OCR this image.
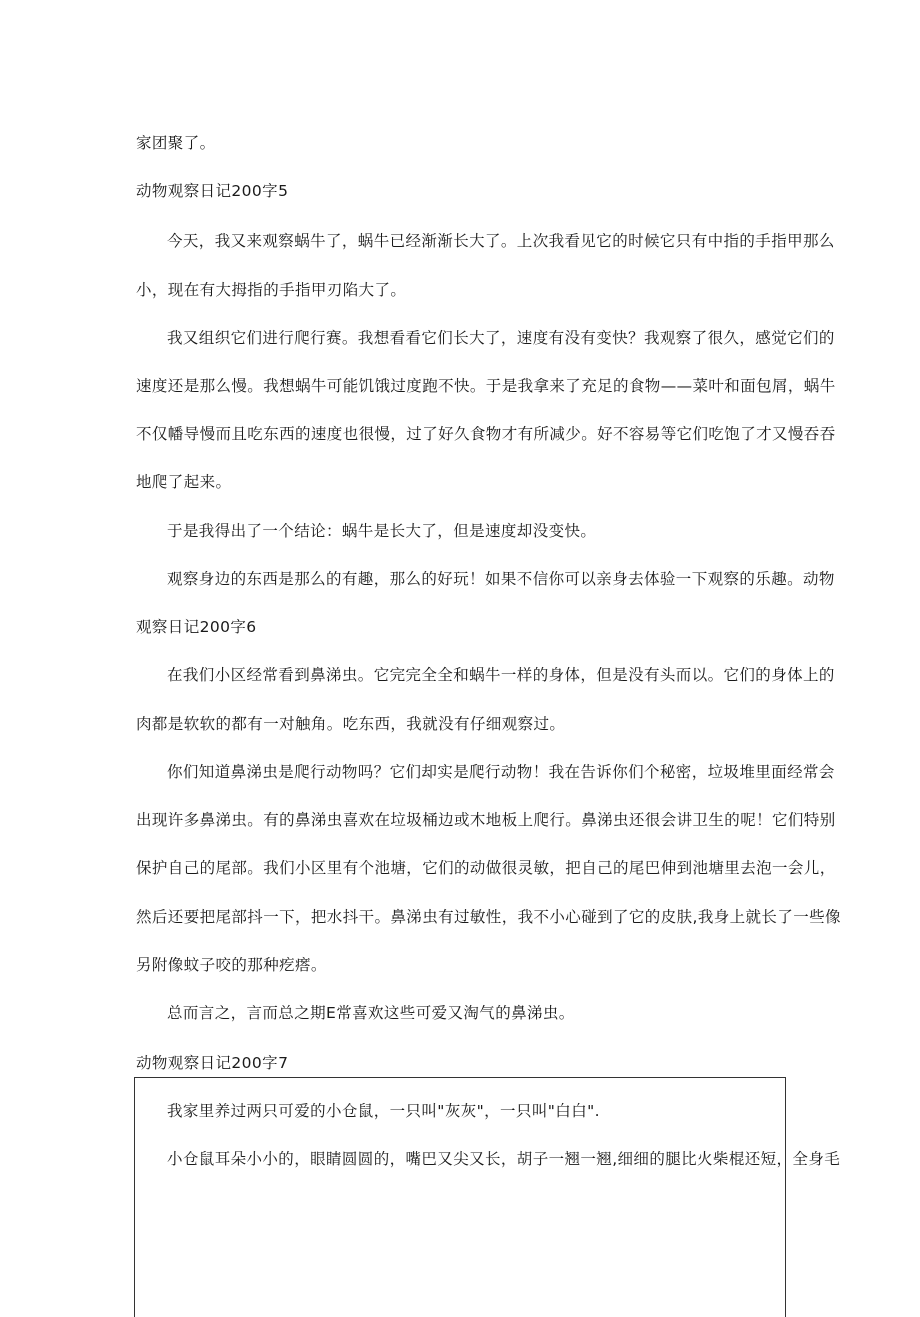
家团聚了。
动物观察日记200字5
今天，我又来观察蜗牛了，蜗牛已经渐渐长大了。上次我看见它的时候它只有中指的手指甲那么
小，现在有大拇指的手指甲刃陷大了。
我又组织它们进行爬行赛。我想看看它们长大了，速度有没有变快？我观察了很久，感觉它们的
速度还是那么慢。我想蜗牛可能饥饿过度跑不快。于是我拿来了充足的食物——菜叶和面包屑，蜗牛
不仅幡导慢而且吃东西的速度也很慢，过了好久食物才有所减少。好不容易等它们吃饱了才又慢吞吞
地爬了起来。
于是我得出了一个结论：蜗牛是长大了，但是速度却没变快。
观察身边的东西是那么的有趣，那么的好玩！如果不信你可以亲身去体验一下观察的乐趣。动物
观察日记200字6
在我们小区经常看到鼻涕虫。它完完全全和蜗牛一样的身体，但是没有头而以。它们的身体上的
肉都是软软的都有一对触角。吃东西，我就没有仔细观察过。
你们知道鼻涕虫是爬行动物吗？它们却实是爬行动物！我在告诉你们个秘密，垃圾堆里面经常会
出现许多鼻涕虫。有的鼻涕虫喜欢在垃圾桶边或木地板上爬行。鼻涕虫还很会讲卫生的呢！它们特别
保护自己的尾部。我们小区里有个池塘，它们的动做很灵敏，把自己的尾巴伸到池塘里去泡一会儿，
然后还要把尾部抖一下，把水抖干。鼻涕虫有过敏性，我不小心碰到了它的皮肤,我身上就长了一些像
另附像蚊子咬的那种疙瘩。
总而言之，言而总之期E常喜欢这些可爱又淘气的鼻涕虫。
动物观察日记200字7
我家里养过两只可爱的小仓鼠，一只叫"灰灰"，一只叫"白白".
小仓鼠耳朵小小的，眼睛圆圆的，嘴巴又尖又长，胡子一翘一翘,细细的腿比火柴棍还短，全身毛
